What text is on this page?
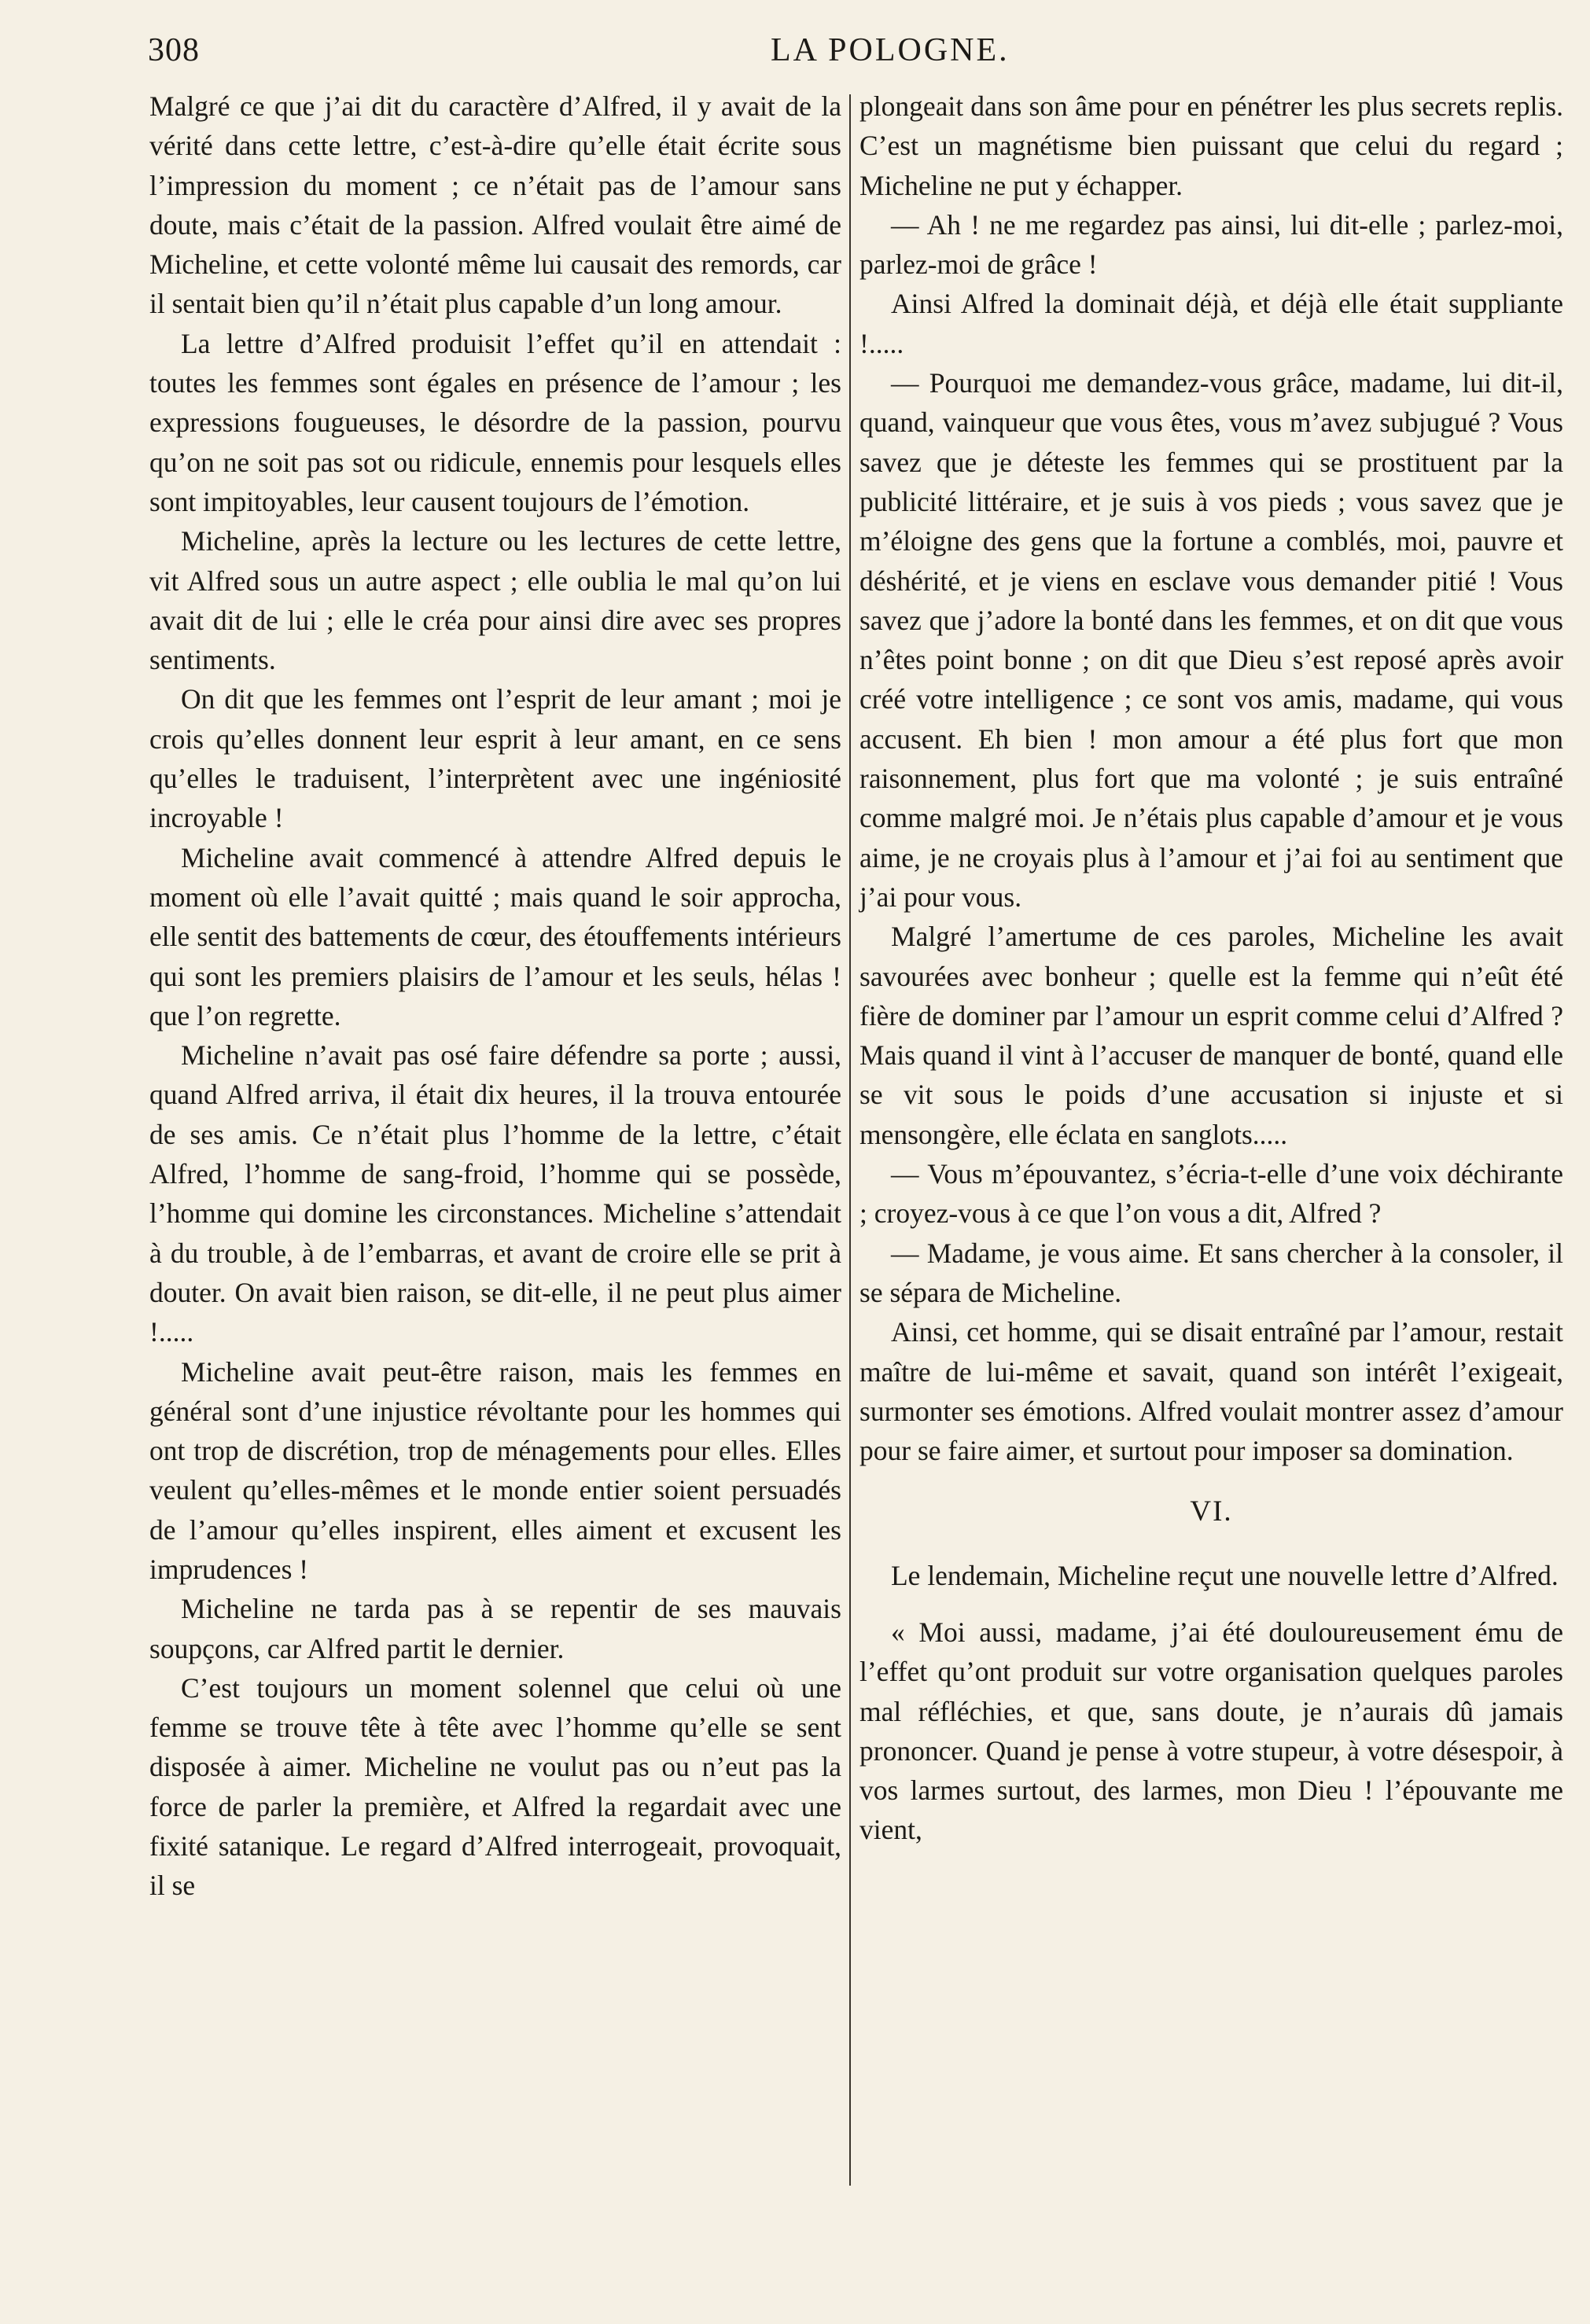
308	LA POLOGNE.

Malgré ce que j’ai dit du caractère d’Alfred, il y avait de la vérité dans cette lettre, c’est-à-dire qu’elle était écrite sous l’impression du moment ; ce n’était pas de l’amour sans doute, mais c’était de la passion. Alfred voulait être aimé de Micheline, et cette volonté même lui causait des remords, car il sentait bien qu’il n’était plus capable d’un long amour.

La lettre d’Alfred produisit l’effet qu’il en attendait : toutes les femmes sont égales en présence de l’amour ; les expressions fougueuses, le désordre de la passion, pourvu qu’on ne soit pas sot ou ridicule, ennemis pour lesquels elles sont impitoyables, leur causent toujours de l’émotion.

Micheline, après la lecture ou les lectures de cette lettre, vit Alfred sous un autre aspect ; elle oublia le mal qu’on lui avait dit de lui ; elle le créa pour ainsi dire avec ses propres sentiments.

On dit que les femmes ont l’esprit de leur amant ; moi je crois qu’elles donnent leur esprit à leur amant, en ce sens qu’elles le traduisent, l’interprètent avec une ingéniosité incroyable !

Micheline avait commencé à attendre Alfred depuis le moment où elle l’avait quitté ; mais quand le soir approcha, elle sentit des battements de cœur, des étouffements intérieurs qui sont les premiers plaisirs de l’amour et les seuls, hélas ! que l’on regrette.

Micheline n’avait pas osé faire défendre sa porte ; aussi, quand Alfred arriva, il était dix heures, il la trouva entourée de ses amis. Ce n’était plus l’homme de la lettre, c’était Alfred, l’homme de sang-froid, l’homme qui se possède, l’homme qui domine les circonstances. Micheline s’attendait à du trouble, à de l’embarras, et avant de croire elle se prit à douter. On avait bien raison, se dit-elle, il ne peut plus aimer !.....

Micheline avait peut-être raison, mais les femmes en général sont d’une injustice révoltante pour les hommes qui ont trop de discrétion, trop de ménagements pour elles. Elles veulent qu’elles-mêmes et le monde entier soient persuadés de l’amour qu’elles inspirent, elles aiment et excusent les imprudences !

Micheline ne tarda pas à se repentir de ses mauvais soupçons, car Alfred partit le dernier.

C’est toujours un moment solennel que celui où une femme se trouve tête à tête avec l’homme qu’elle se sent disposée à aimer. Micheline ne voulut pas ou n’eut pas la force de parler la première, et Alfred la regardait avec une fixité satanique. Le regard d’Alfred interrogeait, provoquait, il se

plongeait dans son âme pour en pénétrer les plus secrets replis. C’est un magnétisme bien puissant que celui du regard ; Micheline ne put y échapper.

— Ah ! ne me regardez pas ainsi, lui dit-elle ; parlez-moi, parlez-moi de grâce !

Ainsi Alfred la dominait déjà, et déjà elle était suppliante !.....

— Pourquoi me demandez-vous grâce, madame, lui dit-il, quand, vainqueur que vous êtes, vous m’avez subjugué ? Vous savez que je déteste les femmes qui se prostituent par la publicité littéraire, et je suis à vos pieds ; vous savez que je m’éloigne des gens que la fortune a comblés, moi, pauvre et déshérité, et je viens en esclave vous demander pitié ! Vous savez que j’adore la bonté dans les femmes, et on dit que vous n’êtes point bonne ; on dit que Dieu s’est reposé après avoir créé votre intelligence ; ce sont vos amis, madame, qui vous accusent. Eh bien ! mon amour a été plus fort que mon raisonnement, plus fort que ma volonté ; je suis entraîné comme malgré moi. Je n’étais plus capable d’amour et je vous aime, je ne croyais plus à l’amour et j’ai foi au sentiment que j’ai pour vous.

Malgré l’amertume de ces paroles, Micheline les avait savourées avec bonheur ; quelle est la femme qui n’eût été fière de dominer par l’amour un esprit comme celui d’Alfred ? Mais quand il vint à l’accuser de manquer de bonté, quand elle se vit sous le poids d’une accusation si injuste et si mensongère, elle éclata en sanglots.....

— Vous m’épouvantez, s’écria-t-elle d’une voix déchirante ; croyez-vous à ce que l’on vous a dit, Alfred ?

— Madame, je vous aime. Et sans chercher à la consoler, il se sépara de Micheline.

Ainsi, cet homme, qui se disait entraîné par l’amour, restait maître de lui-même et savait, quand son intérêt l’exigeait, surmonter ses émotions. Alfred voulait montrer assez d’amour pour se faire aimer, et surtout pour imposer sa domination.

VI.

Le lendemain, Micheline reçut une nouvelle lettre d’Alfred.

« Moi aussi, madame, j’ai été douloureusement ému de l’effet qu’ont produit sur votre organisation quelques paroles mal réfléchies, et que, sans doute, je n’aurais dû jamais prononcer. Quand je pense à votre stupeur, à votre désespoir, à vos larmes surtout, des larmes, mon Dieu ! l’épouvante me vient,
